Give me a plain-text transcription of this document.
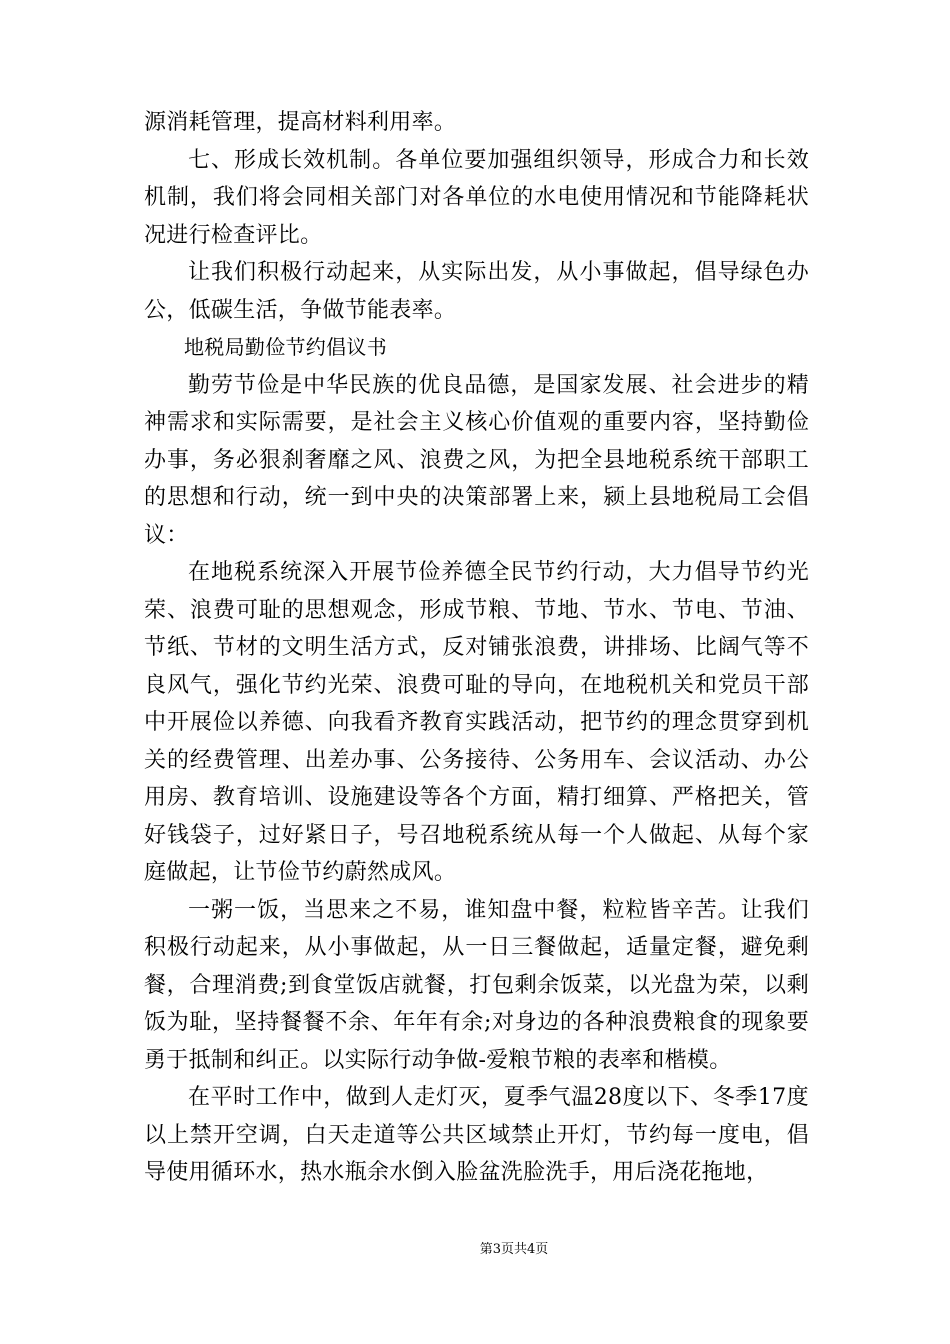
源消耗管理，提高材料利用率。

七、形成长效机制。各单位要加强组织领导，形成合力和长效机制，我们将会同相关部门对各单位的水电使用情况和节能降耗状况进行检查评比。

让我们积极行动起来，从实际出发，从小事做起，倡导绿色办公，低碳生活，争做节能表率。

地税局勤俭节约倡议书

勤劳节俭是中华民族的优良品德，是国家发展、社会进步的精神需求和实际需要，是社会主义核心价值观的重要内容，坚持勤俭办事，务必狠刹奢靡之风、浪费之风，为把全县地税系统干部职工的思想和行动，统一到中央的决策部署上来，颍上县地税局工会倡议：

在地税系统深入开展节俭养德全民节约行动，大力倡导节约光荣、浪费可耻的思想观念，形成节粮、节地、节水、节电、节油、节纸、节材的文明生活方式，反对铺张浪费，讲排场、比阔气等不良风气，强化节约光荣、浪费可耻的导向，在地税机关和党员干部中开展俭以养德、向我看齐教育实践活动，把节约的理念贯穿到机关的经费管理、出差办事、公务接待、公务用车、会议活动、办公用房、教育培训、设施建设等各个方面，精打细算、严格把关，管好钱袋子，过好紧日子，号召地税系统从每一个人做起、从每个家庭做起，让节俭节约蔚然成风。

一粥一饭，当思来之不易，谁知盘中餐，粒粒皆辛苦。让我们积极行动起来，从小事做起，从一日三餐做起，适量定餐，避免剩餐，合理消费;到食堂饭店就餐，打包剩余饭菜，以光盘为荣，以剩饭为耻，坚持餐餐不余、年年有余;对身边的各种浪费粮食的现象要勇于抵制和纠正。以实际行动争做-爱粮节粮的表率和楷模。

在平时工作中，做到人走灯灭，夏季气温28度以下、冬季17度以上禁开空调，白天走道等公共区域禁止开灯，节约每一度电，倡导使用循环水，热水瓶余水倒入脸盆洗脸洗手，用后浇花拖地，

第3页共4页
